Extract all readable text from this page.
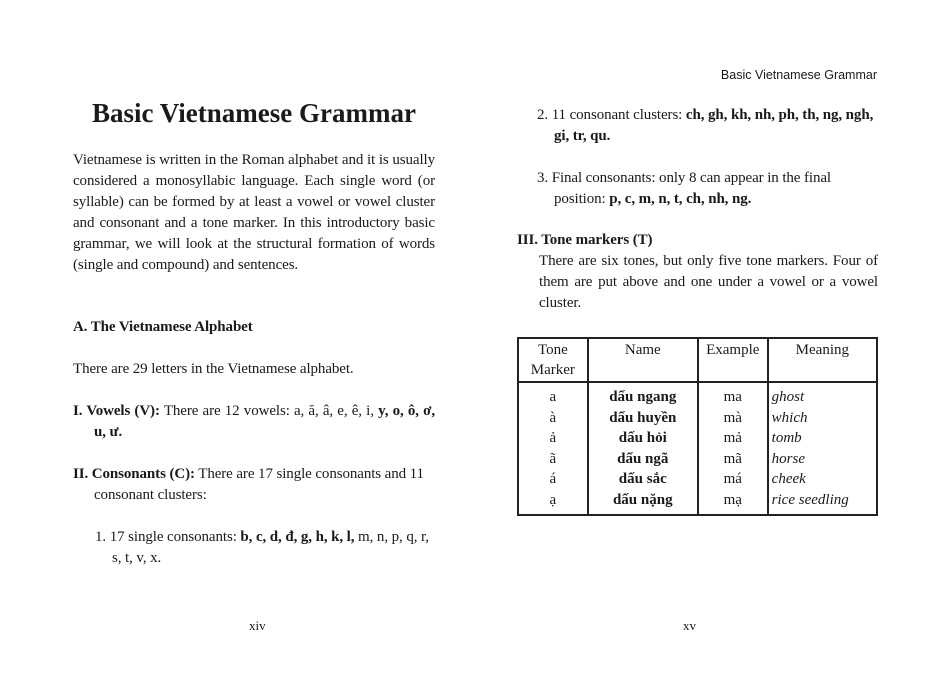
Basic Vietnamese Grammar

Vietnamese is written in the Roman alphabet and it is usually considered a monosyllabic language. Each single word (or syllable) can be formed by at least a vowel or vowel cluster and consonant and a tone marker. In this introductory basic grammar, we will look at the structural formation of words (single and compound) and sentences.

A. The Vietnamese Alphabet

There are 29 letters in the Vietnamese alphabet.

I. Vowels (V): There are 12 vowels: a, ă, â, e, ê, i, y, o, ô, ơ, u, ư.

II. Consonants (C): There are 17 single consonants and 11 consonant clusters:

1. 17 single consonants: b, c, d, đ, g, h, k, l, m, n, p, q, r, s, t, v, x.

xiv
Basic Vietnamese Grammar

2. 11 consonant clusters: ch, gh, kh, nh, ph, th, ng, ngh, gi, tr, qu.

3. Final consonants: only 8 can appear in the final position: p, c, m, n, t, ch, nh, ng.

III. Tone markers (T)

There are six tones, but only five tone markers. Four of them are put above and one under a vowel or a vowel cluster.

Tone Marker	Name	Example	Meaning
a	dấu ngang	ma	ghost
à	dấu huyền	mà	which
ả	dấu hỏi	mả	tomb
ã	dấu ngã	mã	horse
á	dấu sắc	má	cheek
ạ	dấu nặng	mạ	rice seedling
xv
